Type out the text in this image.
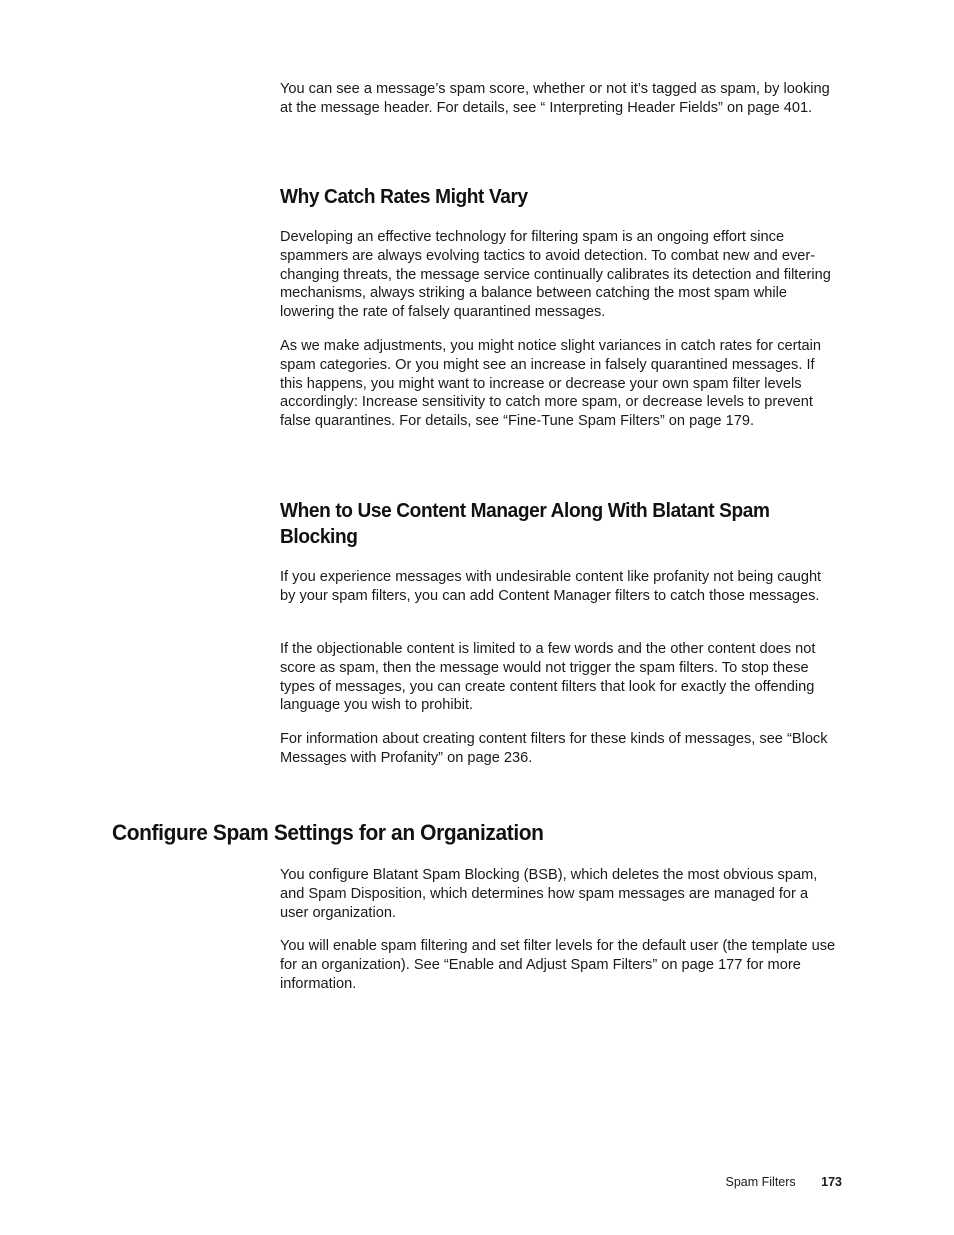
You can see a message’s spam score, whether or not it’s tagged as spam, by looking at the message header. For details, see “ Interpreting Header Fields” on page 401.

Why Catch Rates Might Vary

Developing an effective technology for filtering spam is an ongoing effort since spammers are always evolving tactics to avoid detection. To combat new and ever-changing threats, the message service continually calibrates its detection and filtering mechanisms, always striking a balance between catching the most spam while lowering the rate of falsely quarantined messages.

As we make adjustments, you might notice slight variances in catch rates for certain spam categories. Or you might see an increase in falsely quarantined messages. If this happens, you might want to increase or decrease your own spam filter levels accordingly: Increase sensitivity to catch more spam, or decrease levels to prevent false quarantines. For details, see “Fine-Tune Spam Filters” on page 179.

When to Use Content Manager Along With Blatant Spam Blocking

If you experience messages with undesirable content like profanity not being caught by your spam filters, you can add Content Manager filters to catch those messages.

If the objectionable content is limited to a few words and the other content does not score as spam, then the message would not trigger the spam filters. To stop these types of messages, you can create content filters that look for exactly the offending language you wish to prohibit.

For information about creating content filters for these kinds of messages, see “Block Messages with Profanity” on page 236.

Configure Spam Settings for an Organization

You configure Blatant Spam Blocking (BSB), which deletes the most obvious spam, and Spam Disposition, which determines how spam messages are managed for a user organization.

You will enable spam filtering and set filter levels for the default user (the template use for an organization). See “Enable and Adjust Spam Filters” on page 177 for more information.

Spam Filters 173
